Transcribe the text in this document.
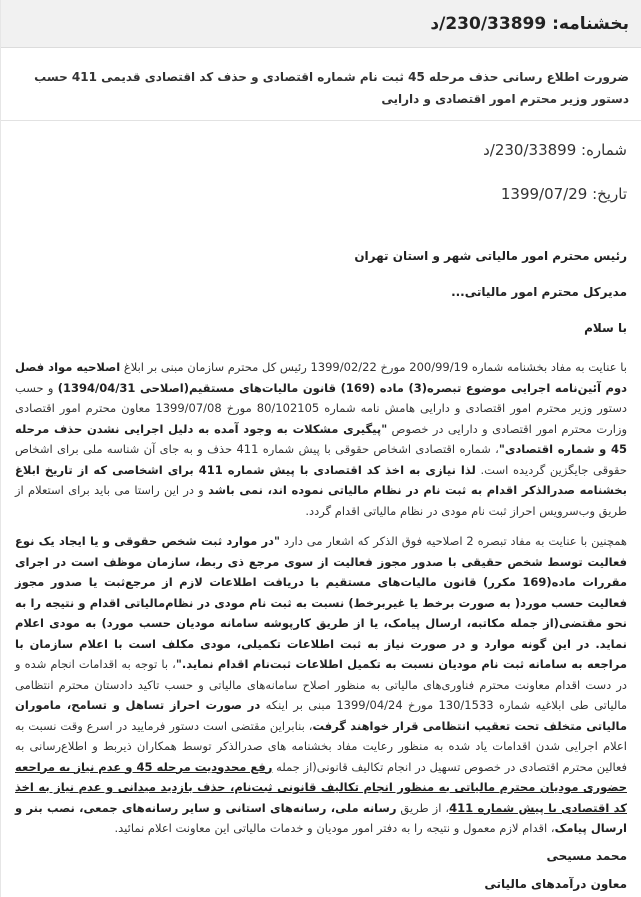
بخشنامه: 230/33899/د
ضرورت اطلاع رسانی حذف مرحله 45 ثبت نام شماره اقتصادی و حذف کد اقتصادی قدیمی 411 حسب دستور وزیر محترم امور اقتصادی و دارایی
شماره: 230/33899/د
تاریخ: 1399/07/29
رئیس محترم امور مالیاتی شهر و استان تهران
مدیرکل محترم امور مالیاتی...
با سلام

با عنایت به مفاد بخشنامه شماره 200/99/19 مورخ 1399/02/22 رئیس کل محترم سازمان مبنی بر ابلاغ اصلاحیه مواد فصل دوم آئین‌نامه اجرایی موضوع تبصره(3) ماده (169) قانون مالیات‌های مستقیم(اصلاحی 1394/04/31) و حسب دستور وزیر محترم امور اقتصادی و دارایی هامش نامه شماره 80/102105 مورخ 1399/07/08 معاون محترم امور اقتصادی وزارت محترم امور اقتصادی و دارایی در خصوص "پیگیری مشکلات به وجود آمده به دلیل اجرایی نشدن حذف مرحله 45 و شماره اقتصادی"، شماره اقتصادی اشخاص حقوقی با پیش شماره 411 حذف و به جای آن شناسه ملی برای اشخاص حقوقی جایگزین گردیده است. لذا نیازی به اخذ کد اقتصادی با پیش شماره 411 برای اشخاصی که از تاریخ ابلاغ بخشنامه صدرالذکر اقدام به ثبت نام در نظام مالیاتی نموده اند، نمی باشد و در این راستا می باید برای استعلام از طریق وب‌سرویس احراز ثبت نام مودی در نظام مالیاتی اقدام گردد.

همچنین با عنایت به مفاد تبصره 2 اصلاحیه فوق الذکر که اشعار می دارد "در موارد ثبت شخص حقوقی و یا ایجاد یک نوع فعالیت توسط شخص حقیقی با صدور مجوز فعالیت از سوی مرجع ذی ربط، سازمان موظف است در اجرای مقررات ماده(169 مکرر) قانون مالیات‌های مستقیم با دریافت اطلاعات لازم از مرجع‌ثبت یا صدور مجوز فعالیت حسب مورد( به صورت برخط یا غیربرخط) نسبت به ثبت نام مودی در نظام‌مالیاتی اقدام و نتیجه را به نحو مقتضی(از جمله مکاتبه، ارسال پیامک، یا از طریق کارپوشه سامانه مودیان حسب مورد) به مودی اعلام نماید. در این گونه موارد و در صورت نیاز به ثبت اطلاعات تکمیلی، مودی مکلف است با اعلام سازمان با مراجعه به سامانه ثبت نام مودیان نسبت به تکمیل اطلاعات ثبت‌نام اقدام نماید."، با توجه به اقدامات انجام شده و در دست اقدام معاونت محترم فناوری‌های مالیاتی به منظور اصلاح سامانه‌های مالیاتی و حسب تاکید دادستان محترم انتظامی مالیاتی طی ابلاغیه شماره 130/1533 مورخ 1399/04/24 مبنی بر اینکه در صورت احراز تساهل و تسامح، ماموران مالیاتی متخلف تحت تعقیب انتظامی قرار خواهند گرفت، بنابراین مقتضی است دستور فرمایید در اسرع وقت نسبت به اعلام اجرایی شدن اقدامات یاد شده به منظور رعایت مفاد بخشنامه های صدرالذکر توسط همکاران ذیربط و اطلاع‌رسانی به فعالین محترم اقتصادی در خصوص تسهیل در انجام تکالیف قانونی(از جمله رفع محدودیت مرحله 45 و عدم نیاز به مراجعه حضوری مودیان محترم مالیاتی به منظور انجام تکالیف قانونی ثبت‌نام، حذف بازدید میدانی و عدم نیاز به اخذ کد اقتصادی با پیش شماره 411، از طریق رسانه ملی، رسانه‌های استانی و سایر رسانه‌های جمعی، نصب بنر و ارسال پیامک، اقدام لازم معمول و نتیجه را به دفتر امور مودیان و خدمات مالیاتی این معاونت اعلام نمائید.

محمد مسیحی
معاون درآمدهای مالیاتی
